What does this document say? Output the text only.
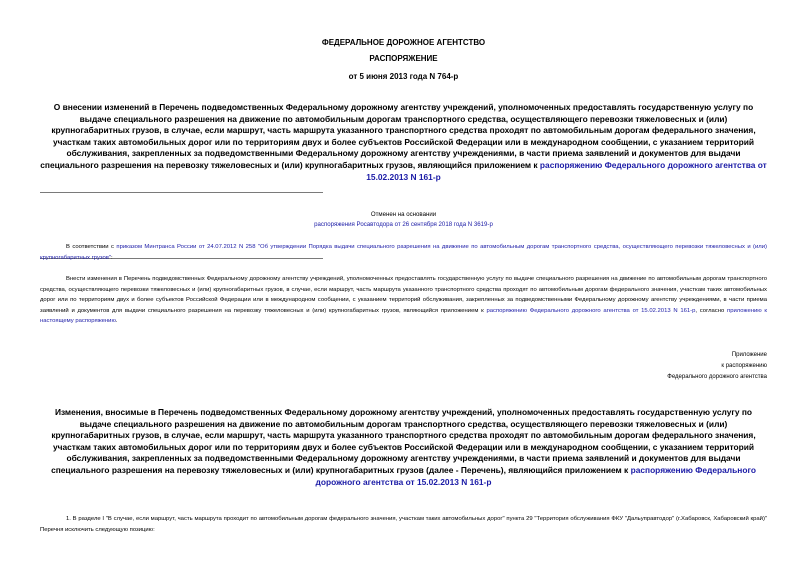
ФЕДЕРАЛЬНОЕ ДОРОЖНОЕ АГЕНТСТВО
РАСПОРЯЖЕНИЕ
от 5 июня 2013 года N 764-р
О внесении изменений в Перечень подведомственных Федеральному дорожному агентству учреждений, уполномоченных предоставлять государственную услугу по выдаче специального разрешения на движение по автомобильным дорогам транспортного средства, осуществляющего перевозки тяжеловесных и (или) крупногабаритных грузов, в случае, если маршрут, часть маршрута указанного транспортного средства проходят по автомобильным дорогам федерального значения, участкам таких автомобильных дорог или по территориям двух и более субъектов Российской Федерации или в международном сообщении, с указанием территорий обслуживания, закрепленных за подведомственными Федеральному дорожному агентству учреждениями, в части приема заявлений и документов для выдачи специального разрешения на перевозку тяжеловесных и (или) крупногабаритных грузов, являющийся приложением к распоряжению Федерального дорожного агентства от 15.02.2013 N 161-р
Отменен на основании
распоряжения Росавтодора от 26 сентября 2018 года N 3619-р
В соответствии с приказом Минтранса России от 24.07.2012 N 258 "Об утверждении Порядка выдачи специального разрешения на движение по автомобильным дорогам транспортного средства, осуществляющего перевозки тяжеловесных и (или) крупногабаритных грузов":
Внести изменения в Перечень подведомственных Федеральному дорожному агентству учреждений, уполномоченных предоставлять государственную услугу по выдаче специального разрешения на движение по автомобильным дорогам транспортного средства, осуществляющего перевозки тяжеловесных и (или) крупногабаритных грузов, в случае, если маршрут, часть маршрута указанного транспортного средства проходят по автомобильным дорогам федерального значения, участкам таких автомобильных дорог или по территориям двух и более субъектов Российской Федерации или в международном сообщении, с указанием территорий обслуживания, закрепленных за подведомственными Федеральному дорожному агентству учреждениями, в части приема заявлений и документов для выдачи специального разрешения на перевозку тяжеловесных и (или) крупногабаритных грузов, являющийся приложением к распоряжению Федерального дорожного агентства от 15.02.2013 N 161-р, согласно приложению к настоящему распоряжению.
Приложение
к распоряжению
Федерального дорожного агентства
Изменения, вносимые в Перечень подведомственных Федеральному дорожному агентству учреждений, уполномоченных предоставлять государственную услугу по выдаче специального разрешения на движение по автомобильным дорогам транспортного средства, осуществляющего перевозки тяжеловесных и (или) крупногабаритных грузов, в случае, если маршрут, часть маршрута указанного транспортного средства проходят по автомобильным дорогам федерального значения, участкам таких автомобильных дорог или по территориям двух и более субъектов Российской Федерации или в международном сообщении, с указанием территорий обслуживания, закрепленных за подведомственными Федеральному дорожному агентству учреждениями, в части приема заявлений и документов для выдачи специального разрешения на перевозку тяжеловесных и (или) крупногабаритных грузов (далее - Перечень), являющийся приложением к распоряжению Федерального дорожного агентства от 15.02.2013 N 161-р
1. В разделе I "В случае, если маршрут, часть маршрута проходит по автомобильным дорогам федерального значения, участкам таких автомобильных дорог" пункта 29 "Территория обслуживания ФКУ "Дальуправтодор" (г.Хабаровск, Хабаровский край)" Перечня исключить следующую позицию:
